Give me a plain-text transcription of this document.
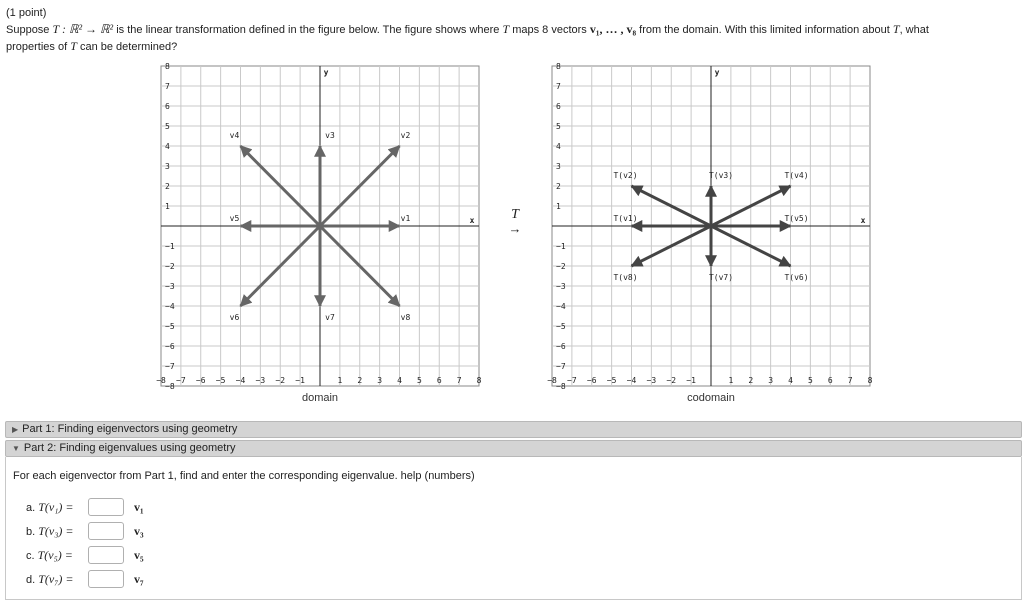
(1 point)
Suppose T : ℝ² → ℝ² is the linear transformation defined in the figure below. The figure shows where T maps 8 vectors v₁, … , v₈ from the domain. With this limited information about T, what
properties of T can be determined?
−8
−8
−7
−7
−6
−6
−5
−5
−4
−4
−3
−3
−2
−2
−1
−1
1
1
2
2
3
3
4
4
5
5
6
6
7
7
8
8
x
y
v1
v2
v3
v4
v5
v6	v7	v8
domain
T
→
−8
−8
−7
−7
−6
−6
−5
−5
−4
−4
−3
−3
−2
−2
−1
−1
1
1
2
2
3
3
4
4
5
5
6
6
7
7
8
8
x
y
T(v1)
T(v2)	T(v3)	T(v4)
T(v5)
T(v6)
T(v7)
T(v8)
codomain
▶ Part 1: Finding eigenvectors using geometry
▼ Part 2: Finding eigenvalues using geometry
For each eigenvector from Part 1, find and enter the corresponding eigenvalue. help (numbers)
a. T(v₁) =	v₁
b. T(v₃) =	v₃
c. T(v₅) =	v₅
d. T(v₇) =	v₇
